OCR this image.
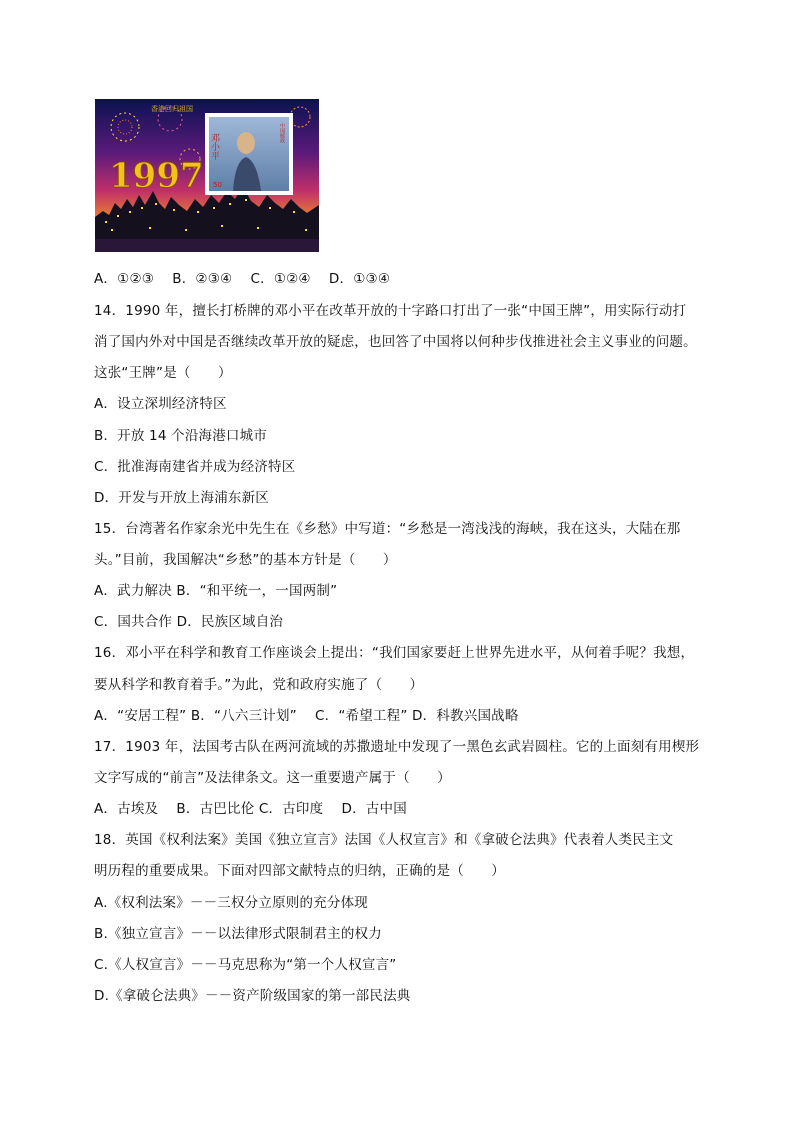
香港回归祖国
1997
邓小平	中国邮政
50
A．①②③　 B．②③④　 C．①②④　 D．①③④
14．1990 年，擅长打桥牌的邓小平在改革开放的十字路口打出了一张“中国王牌”，用实际行动打
消了国内外对中国是否继续改革开放的疑虑，也回答了中国将以何种步伐推进社会主义事业的问题。
这张“王牌”是（　　）
A．设立深圳经济特区
B．开放 14 个沿海港口城市
C．批准海南建省并成为经济特区
D．开发与开放上海浦东新区
15．台湾著名作家余光中先生在《乡愁》中写道：“乡愁是一湾浅浅的海峡，我在这头，大陆在那
头。”目前，我国解决“乡愁”的基本方针是（　　）
A．武力解决 B．“和平统一，一国两制”
C．国共合作 D．民族区域自治
16．邓小平在科学和教育工作座谈会上提出：“我们国家要赶上世界先进水平，从何着手呢？我想，
要从科学和教育着手。”为此，党和政府实施了（　　）
A．“安居工程” B．“八六三计划”　 C．“希望工程” D．科教兴国战略
17．1903 年，法国考古队在两河流域的苏撒遗址中发现了一黑色玄武岩圆柱。它的上面刻有用楔形
文字写成的“前言”及法律条文。这一重要遗产属于（　　）
A．古埃及　 B．古巴比伦 C．古印度　 D．古中国
18．英国《权利法案》美国《独立宣言》法国《人权宣言》和《拿破仑法典》代表着人类民主文
明历程的重要成果。下面对四部文献特点的归纳，正确的是（　　）
A.《权利法案》－－三权分立原则的充分体现
B.《独立宣言》－－以法律形式限制君主的权力
C.《人权宣言》－－马克思称为“第一个人权宣言”
D.《拿破仑法典》－－资产阶级国家的第一部民法典
